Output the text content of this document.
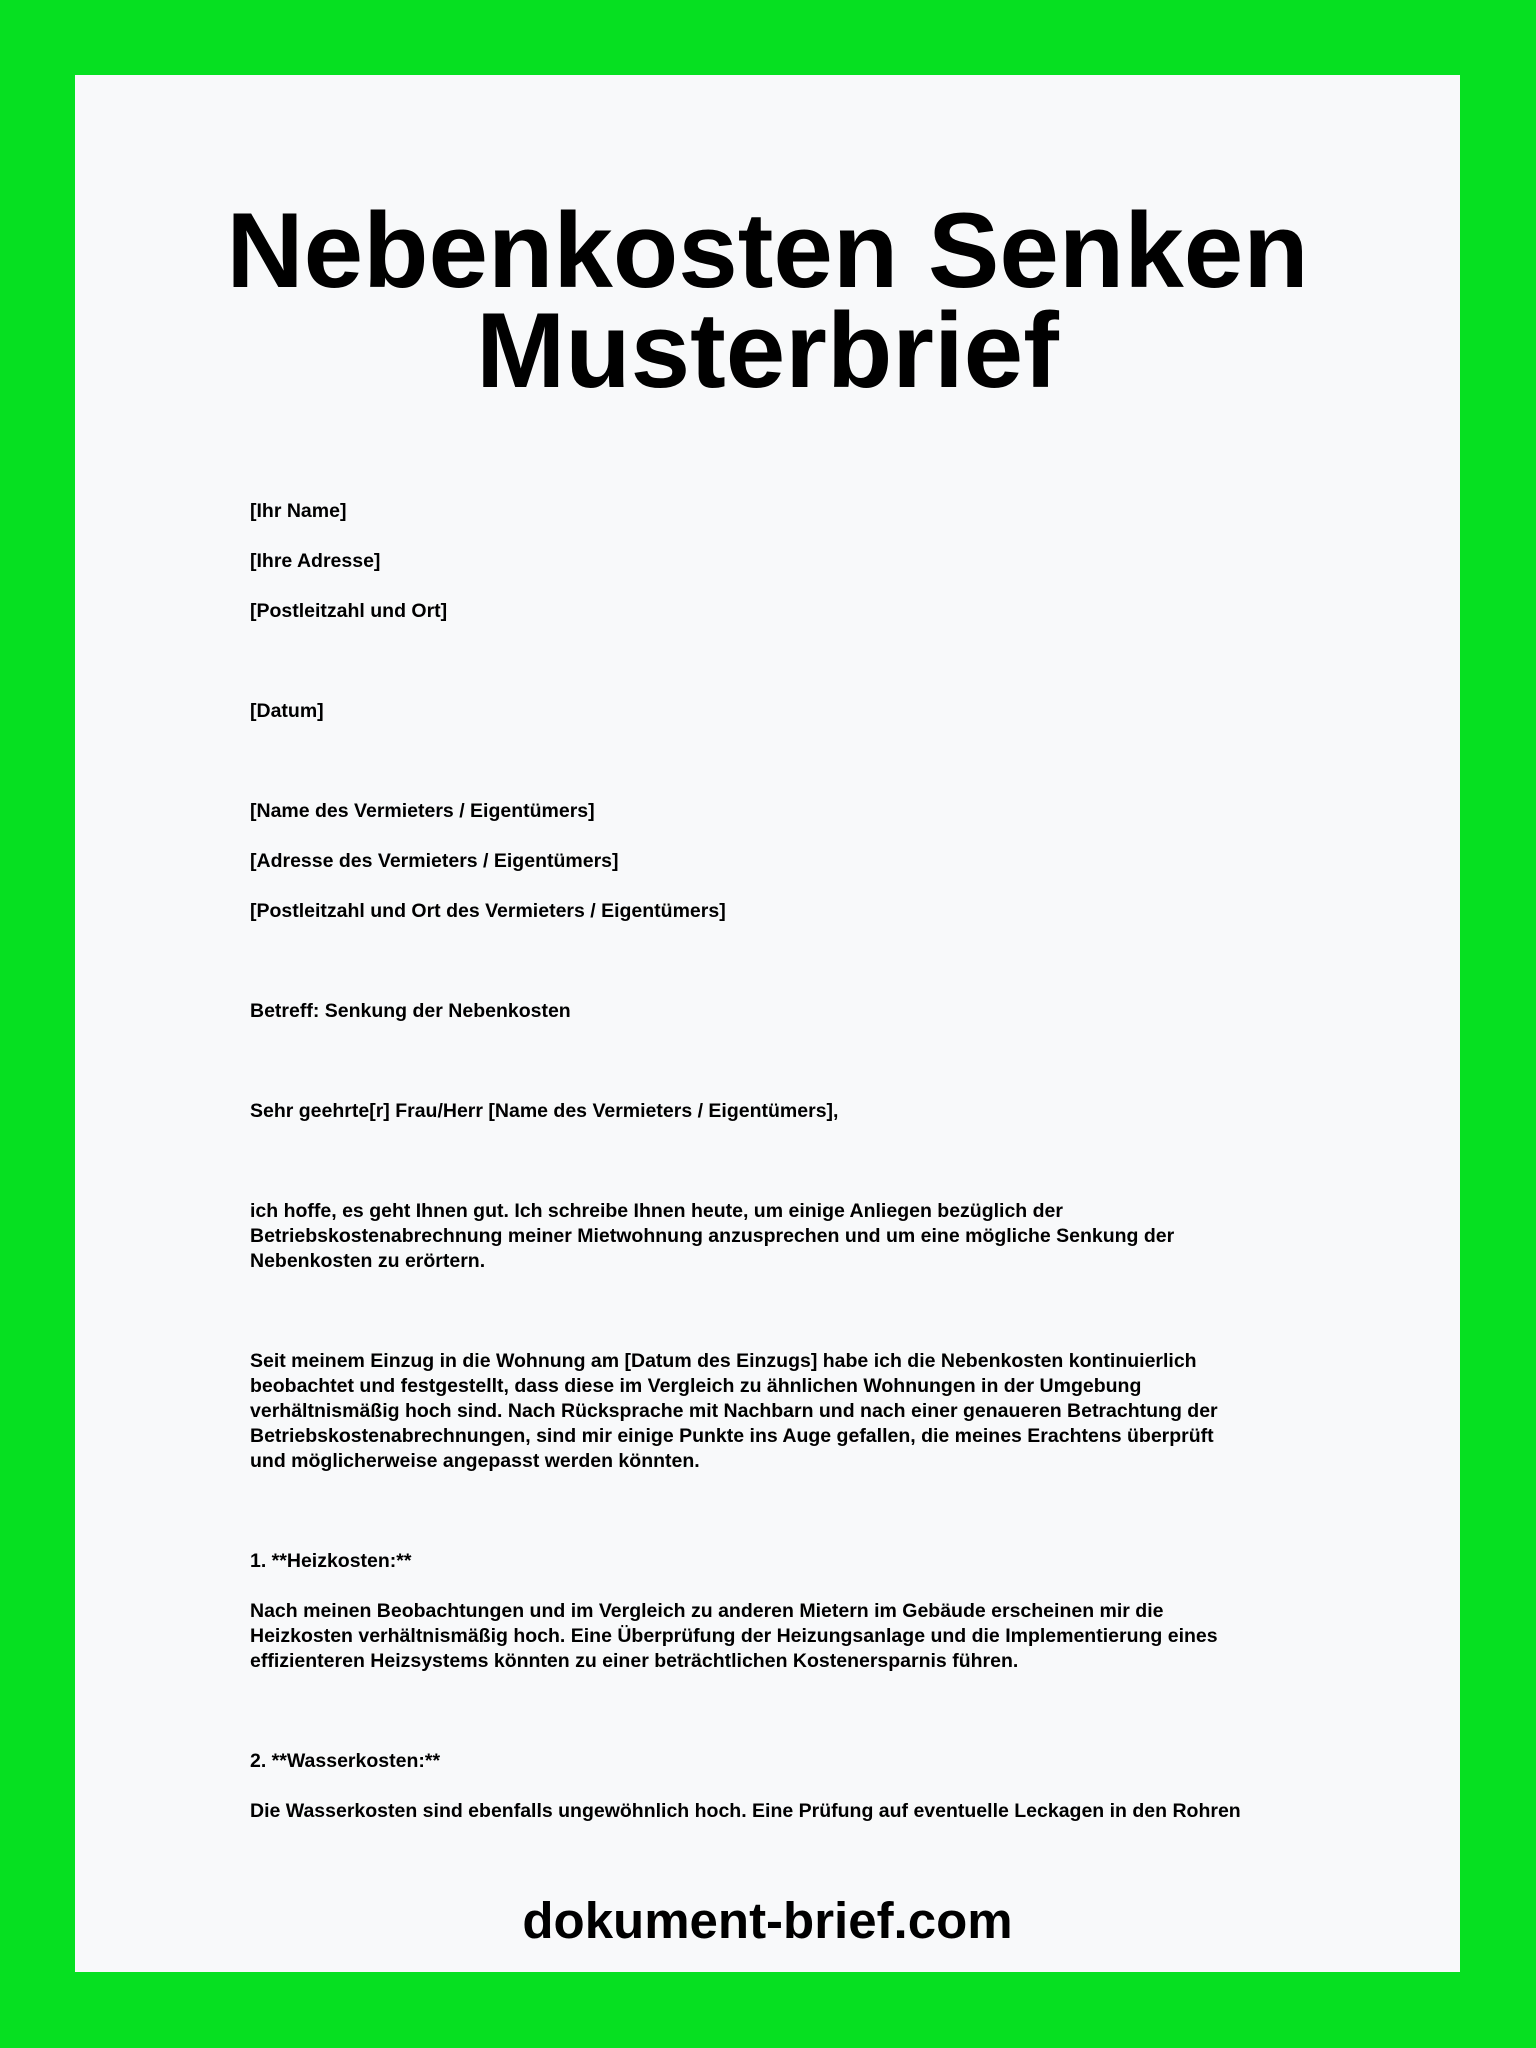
Nebenkosten Senken
Musterbrief
[Ihr Name]
[Ihre Adresse]
[Postleitzahl und Ort]
[Datum]
[Name des Vermieters / Eigentümers]
[Adresse des Vermieters / Eigentümers]
[Postleitzahl und Ort des Vermieters / Eigentümers]
Betreff: Senkung der Nebenkosten
Sehr geehrte[r] Frau/Herr [Name des Vermieters / Eigentümers],
ich hoffe, es geht Ihnen gut. Ich schreibe Ihnen heute, um einige Anliegen bezüglich der
Betriebskostenabrechnung meiner Mietwohnung anzusprechen und um eine mögliche Senkung der
Nebenkosten zu erörtern.
Seit meinem Einzug in die Wohnung am [Datum des Einzugs] habe ich die Nebenkosten kontinuierlich
beobachtet und festgestellt, dass diese im Vergleich zu ähnlichen Wohnungen in der Umgebung
verhältnismäßig hoch sind. Nach Rücksprache mit Nachbarn und nach einer genaueren Betrachtung der
Betriebskostenabrechnungen, sind mir einige Punkte ins Auge gefallen, die meines Erachtens überprüft
und möglicherweise angepasst werden könnten.
1. **Heizkosten:**
Nach meinen Beobachtungen und im Vergleich zu anderen Mietern im Gebäude erscheinen mir die
Heizkosten verhältnismäßig hoch. Eine Überprüfung der Heizungsanlage und die Implementierung eines
effizienteren Heizsystems könnten zu einer beträchtlichen Kostenersparnis führen.
2. **Wasserkosten:**
Die Wasserkosten sind ebenfalls ungewöhnlich hoch. Eine Prüfung auf eventuelle Leckagen in den Rohren
dokument-brief.com
